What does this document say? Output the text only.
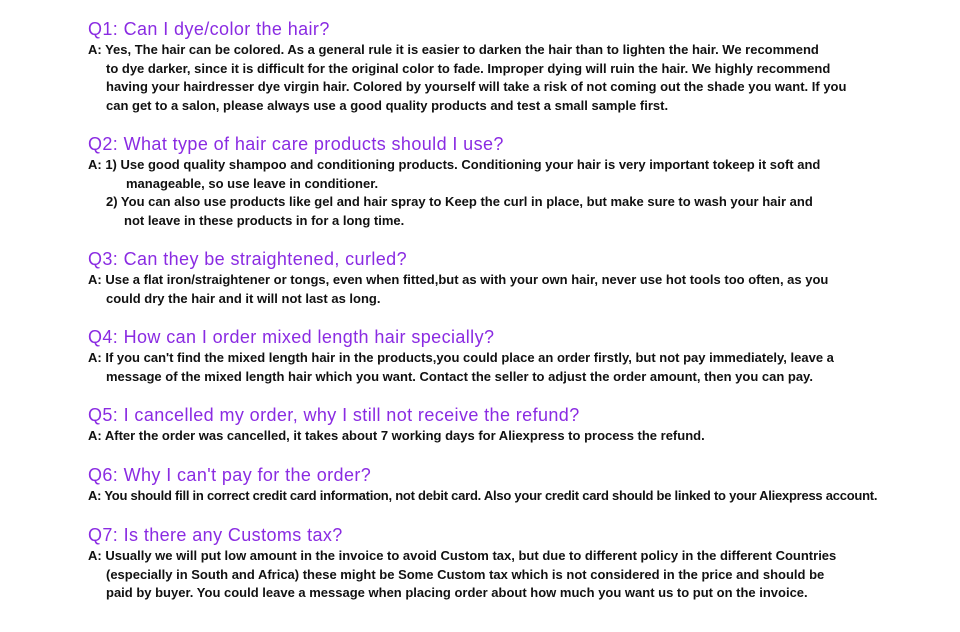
Q1: Can I dye/color the hair?
A: Yes, The hair can be colored. As a general rule it is easier to darken the hair than to lighten the hair. We recommend
to dye darker, since it is difficult for the original color to fade. Improper dying will ruin the hair. We highly recommend
having your hairdresser dye virgin hair. Colored by yourself will take a risk of not coming out the shade you want. If you
can get to a salon, please always use a good quality products and test a small sample first.
Q2: What type of hair care products should I use?
A: 1) Use good quality shampoo and conditioning products. Conditioning your hair is very important tokeep it soft and
manageable, so use leave in conditioner.
2) You can also use products like gel and hair spray to Keep the curl in place, but make sure to wash your hair and
not leave in these products in for a long time.
Q3: Can they be straightened, curled?
A: Use a flat iron/straightener or tongs, even when fitted,but as with your own hair, never use hot tools too often, as you
could dry the hair and it will not last as long.
Q4: How can I order mixed length hair specially?
A: If you can't find the mixed length hair in the products,you could place an order firstly, but not pay immediately, leave a
message of the mixed length hair which you want. Contact the seller to adjust the order amount, then you can pay.
Q5: I cancelled my order, why I still not receive the refund?
A: After the order was cancelled, it takes about 7 working days for Aliexpress to process the refund.
Q6: Why I can't pay for the order?
A: You should fill in correct credit card information, not debit card. Also your credit card should be linked to your Aliexpress account.
Q7: Is there any Customs tax?
A: Usually we will put low amount in the invoice to avoid Custom tax, but due to different policy in the different Countries
(especially in South and Africa) these might be Some Custom tax which is not considered in the price and should be
paid by buyer. You could leave a message when placing order about how much you want us to put on the invoice.
